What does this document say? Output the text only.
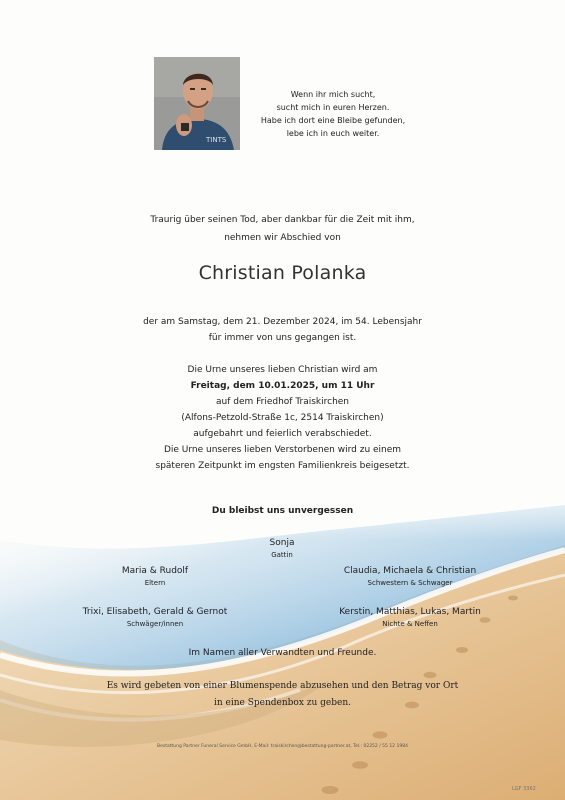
TINTS
Wenn ihr mich sucht,
sucht mich in euren Herzen.
Habe ich dort eine Bleibe gefunden,
lebe ich in euch weiter.
Traurig über seinen Tod, aber dankbar für die Zeit mit ihm,
nehmen wir Abschied von
Christian Polanka
der am Samstag, dem 21. Dezember 2024, im 54. Lebensjahr
für immer von uns gegangen ist.
Die Urne unseres lieben Christian wird am
Freitag, dem 10.01.2025, um 11 Uhr
auf dem Friedhof Traiskirchen
(Alfons-Petzold-Straße 1c, 2514 Traiskirchen)
aufgebahrt und feierlich verabschiedet.
Die Urne unseres lieben Verstorbenen wird zu einem
späteren Zeitpunkt im engsten Familienkreis beigesetzt.
Du bleibst uns unvergessen
Sonja
Gattin
Maria & Rudolf
Eltern
Claudia, Michaela & Christian
Schwestern & Schwager
Trixi, Elisabeth, Gerald & Gernot
Schwäger/innen
Kerstin, Matthias, Lukas, Martin
Nichte & Neffen
Im Namen aller Verwandten und Freunde.
Es wird gebeten von einer Blumenspende abzusehen und den Betrag vor Ort
in eine Spendenbox zu geben.
Bestattung Partner Funeral Service GmbH, E-Mail: traiskirchen@bestattung-partner.at, Tel.: 02252 / 55 12 1984
LGF 3362
